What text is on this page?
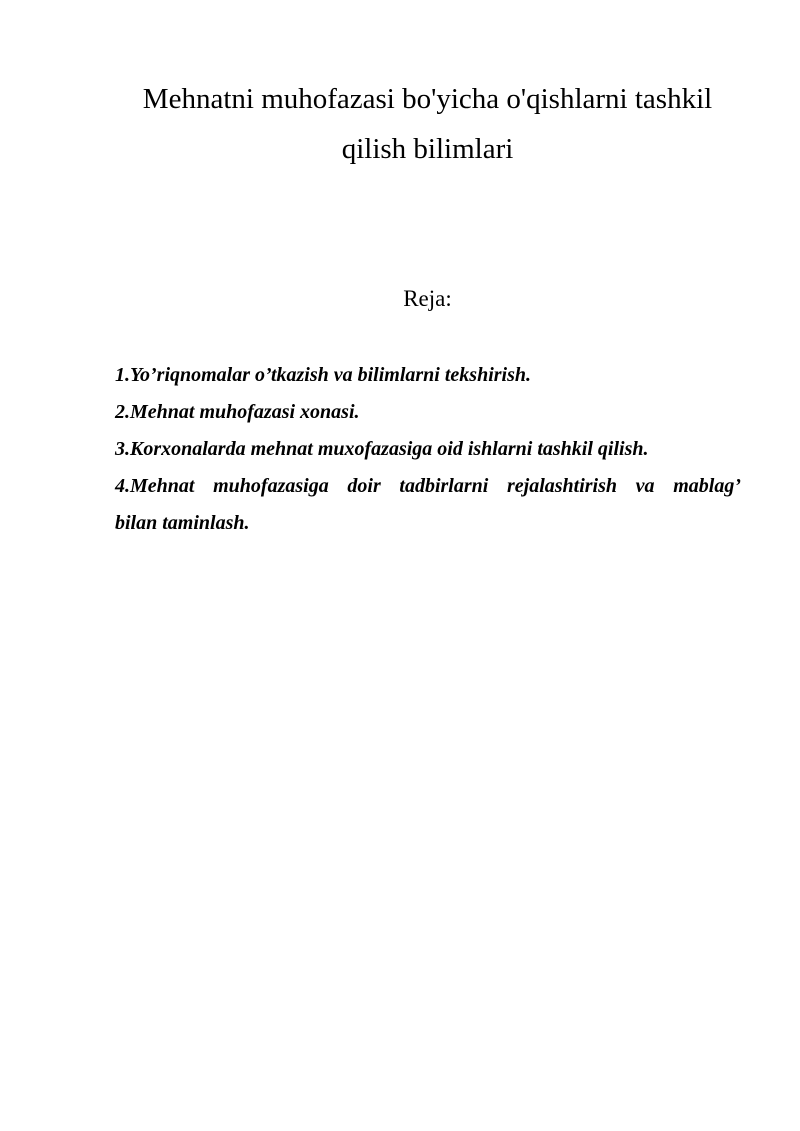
Mehnatni muhofazasi bo'yicha o'qishlarni tashkil
qilish bilimlari
Reja:
1.Yo’riqnomalar o’tkazish va bilimlarni tekshirish.
2.Mehnat muhofazasi xonasi.
3.Korxonalarda mehnat muxofazasiga oid ishlarni tashkil qilish.
4.Mehnat muhofazasiga doir tadbirlarni rejalashtirish va mablag’
bilan taminlash.
